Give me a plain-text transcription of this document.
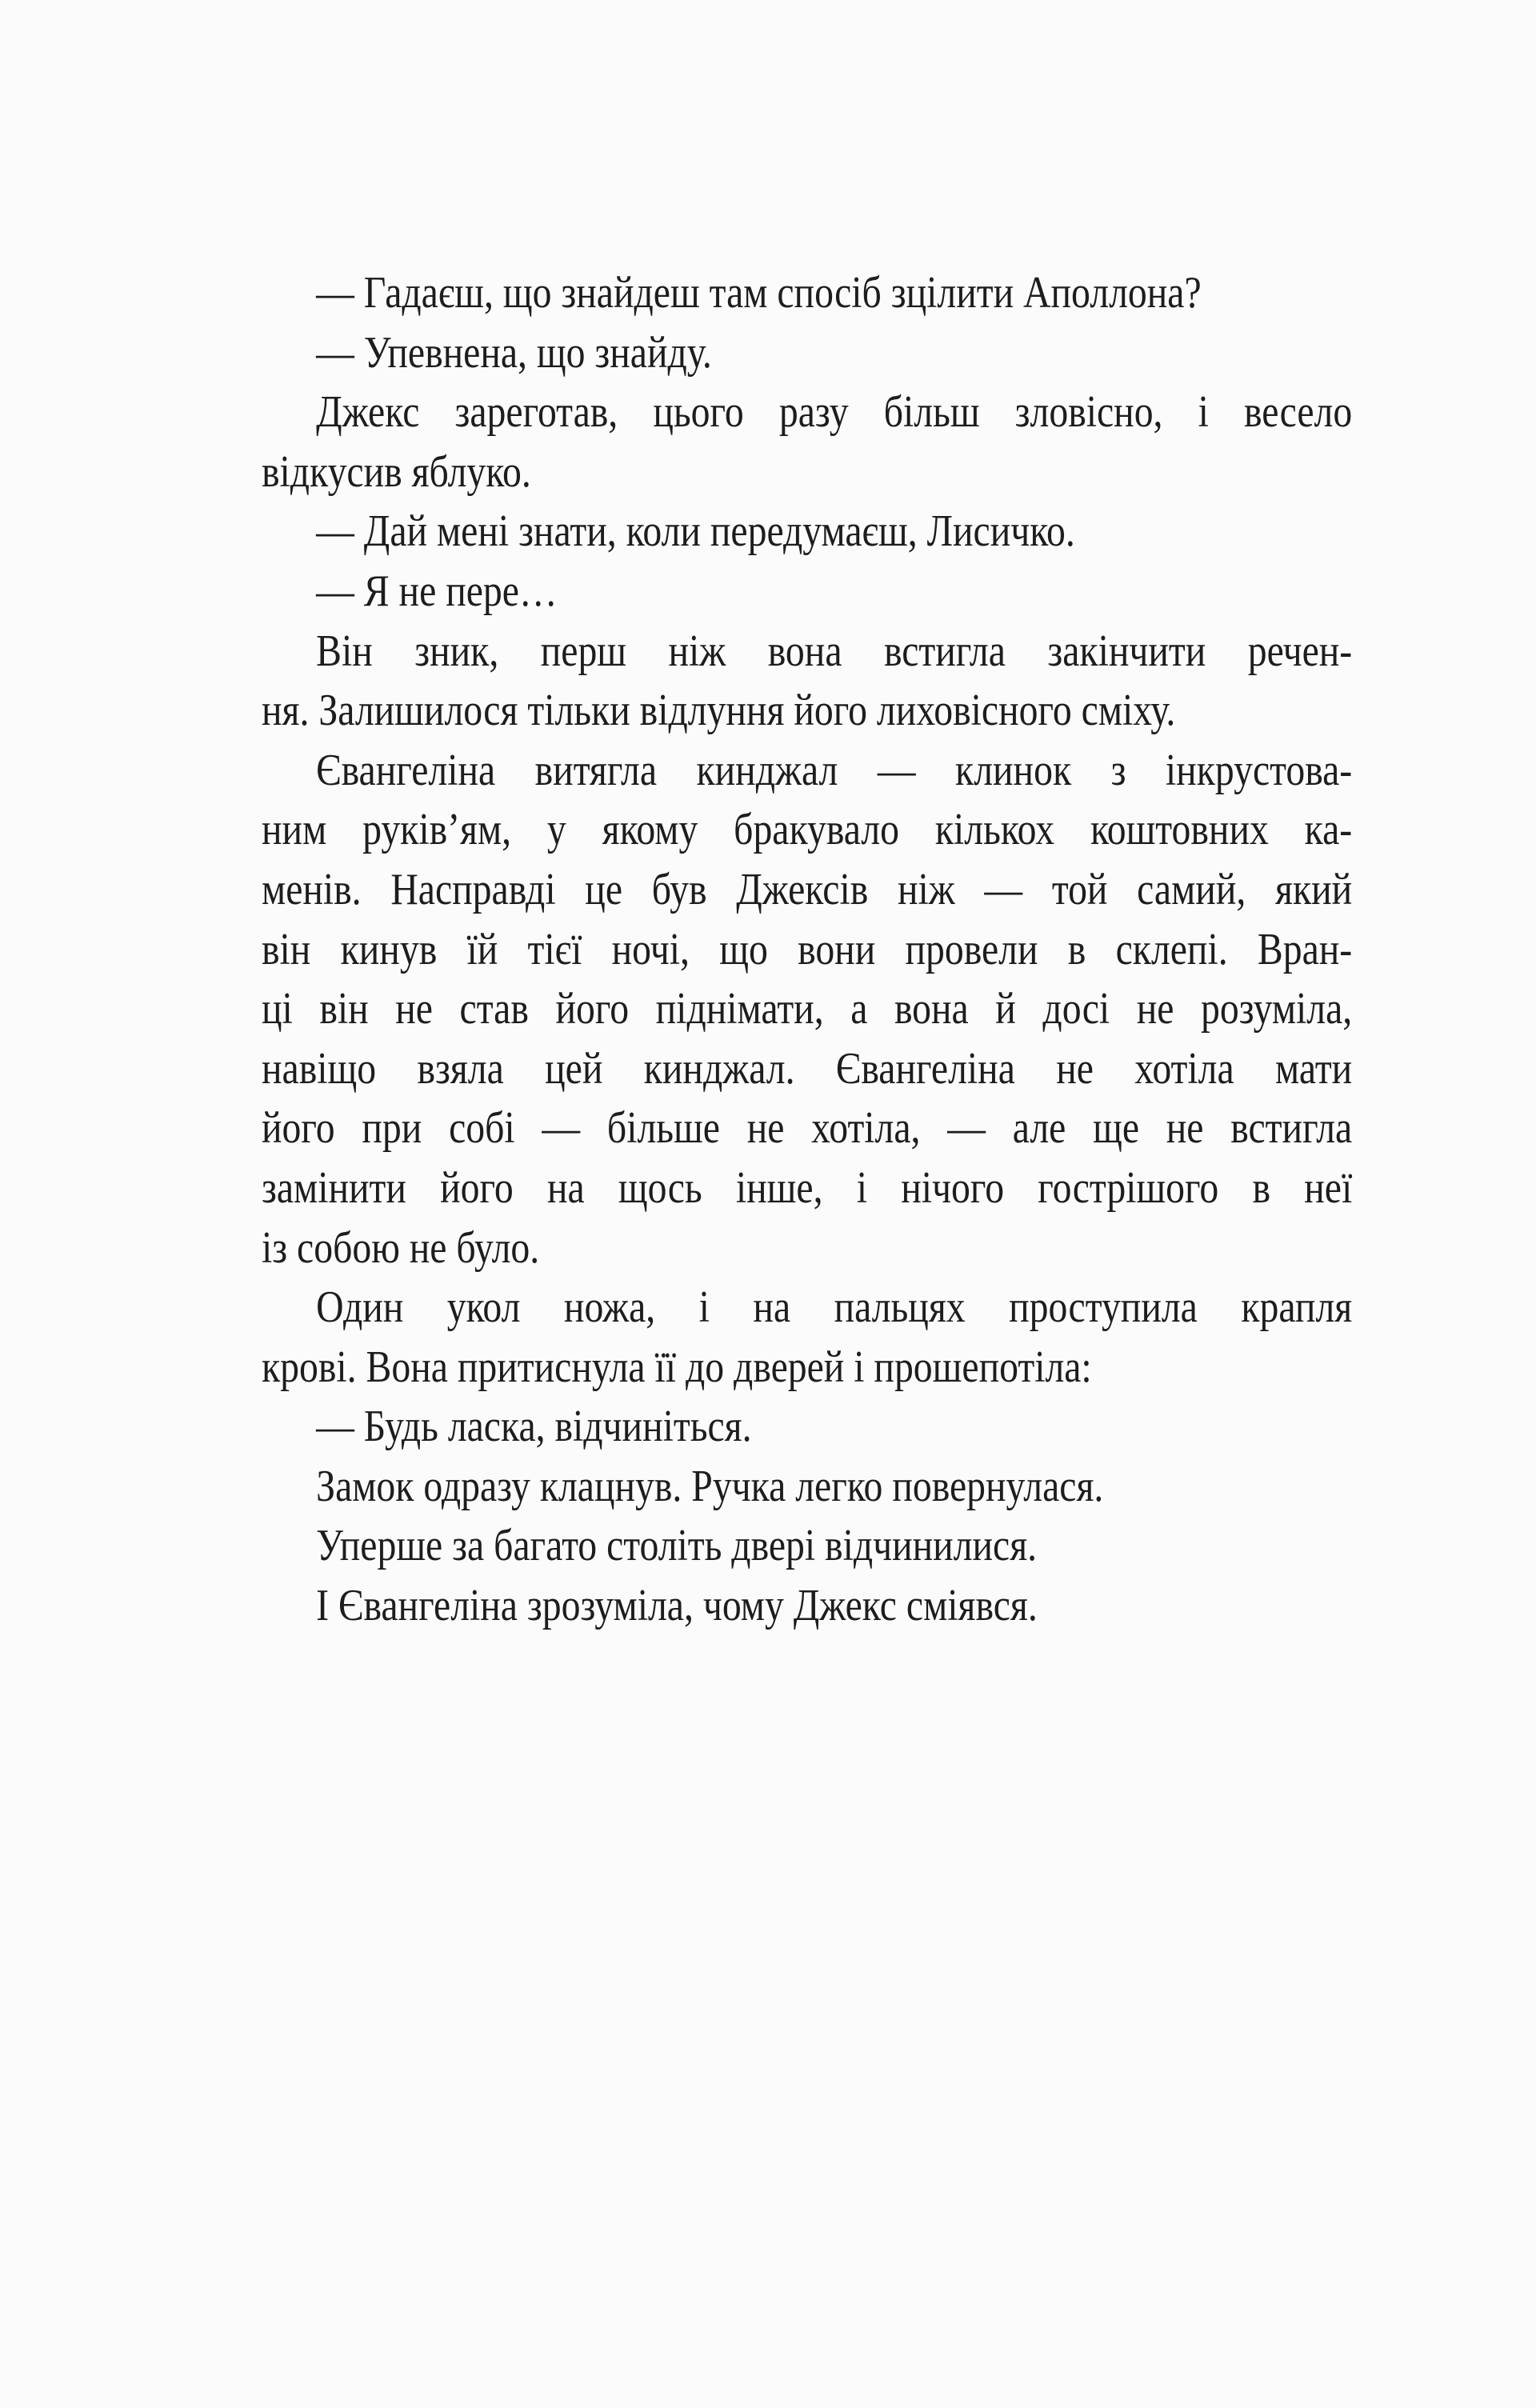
— Гадаєш, що знайдеш там спосіб зцілити Аполлона?
— Упевнена, що знайду.
Джекс зареготав, цього разу більш зловісно, і весело
відкусив яблуко.
— Дай мені знати, коли передумаєш, Лисичко.
— Я не пере…
Він зник, перш ніж вона встигла закінчити речен-
ня. Залишилося тільки відлуння його лиховісного сміху.
Євангеліна витягла кинджал — клинок з інкрустова-
ним руків’ям, у якому бракувало кількох коштовних ка-
менів. Насправді це був Джексів ніж — той самий, який
він кинув їй тієї ночі, що вони провели в склепі. Вран-
ці він не став його піднімати, а вона й досі не розуміла,
навіщо взяла цей кинджал. Євангеліна не хотіла мати
його при собі — більше не хотіла, — але ще не встигла
замінити його на щось інше, і нічого гострішого в неї
із собою не було.
Один укол ножа, і на пальцях проступила крапля
крові. Вона притиснула її до дверей і прошепотіла:
— Будь ласка, відчиніться.
Замок одразу клацнув. Ручка легко повернулася.
Уперше за багато століть двері відчинилися.
І Євангеліна зрозуміла, чому Джекс сміявся.
